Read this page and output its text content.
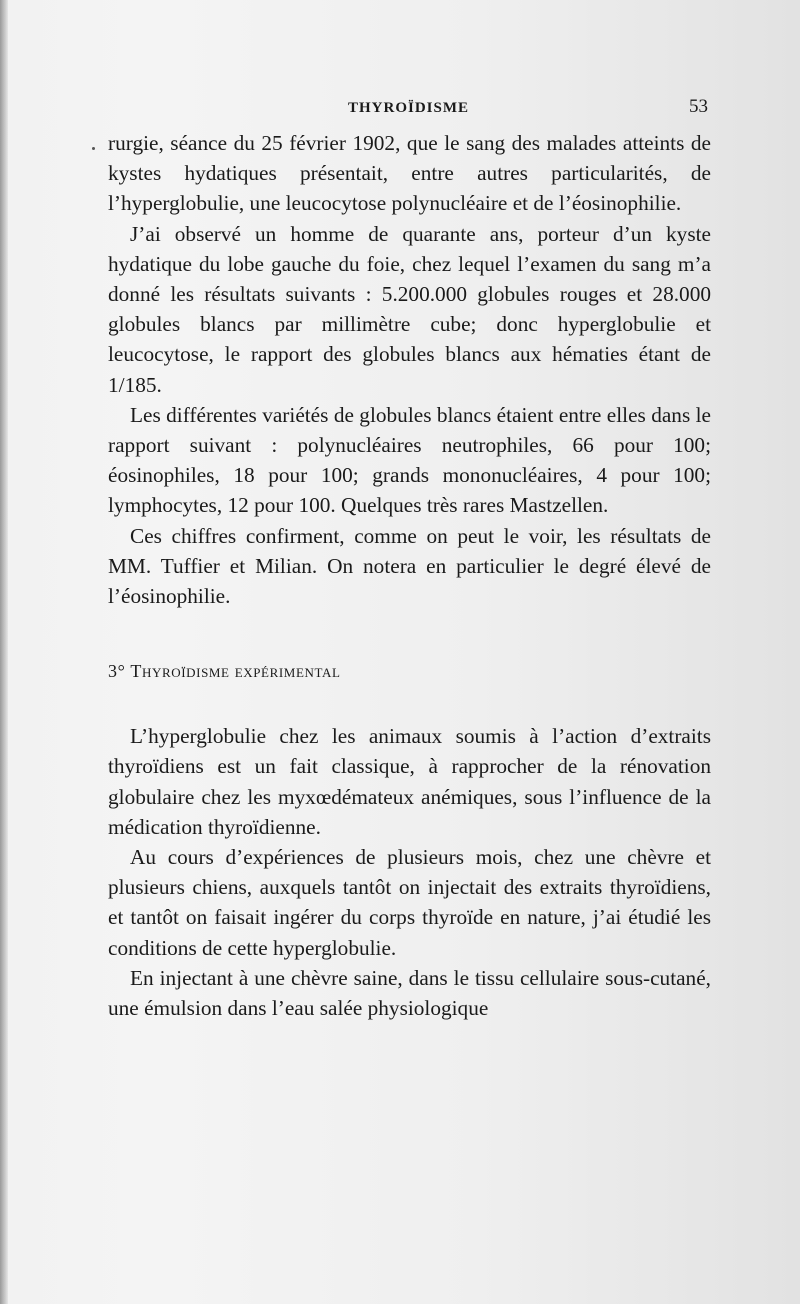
THYROÏDISME	53

rurgie, séance du 25 février 1902, que le sang des malades atteints de kystes hydatiques présentait, entre autres particularités, de l’hyperglobulie, une leucocytose polynucléaire et de l’éosinophilie.

J’ai observé un homme de quarante ans, porteur d’un kyste hydatique du lobe gauche du foie, chez lequel l’examen du sang m’a donné les résultats suivants : 5.200.000 globules rouges et 28.000 globules blancs par millimètre cube; donc hyperglobulie et leucocytose, le rapport des globules blancs aux hématies étant de 1/185.

Les différentes variétés de globules blancs étaient entre elles dans le rapport suivant : polynucléaires neutrophiles, 66 pour 100; éosinophiles, 18 pour 100; grands mononucléaires, 4 pour 100; lymphocytes, 12 pour 100. Quelques très rares Mastzellen.

Ces chiffres confirment, comme on peut le voir, les résultats de MM. Tuffier et Milian. On notera en particulier le degré élevé de l’éosinophilie.

3° Thyroïdisme expérimental

L’hyperglobulie chez les animaux soumis à l’action d’extraits thyroïdiens est un fait classique, à rapprocher de la rénovation globulaire chez les myxœdémateux anémiques, sous l’influence de la médication thyroïdienne.

Au cours d’expériences de plusieurs mois, chez une chèvre et plusieurs chiens, auxquels tantôt on injectait des extraits thyroïdiens, et tantôt on faisait ingérer du corps thyroïde en nature, j’ai étudié les conditions de cette hyperglobulie.

En injectant à une chèvre saine, dans le tissu cellulaire sous-cutané, une émulsion dans l’eau salée physiologique
